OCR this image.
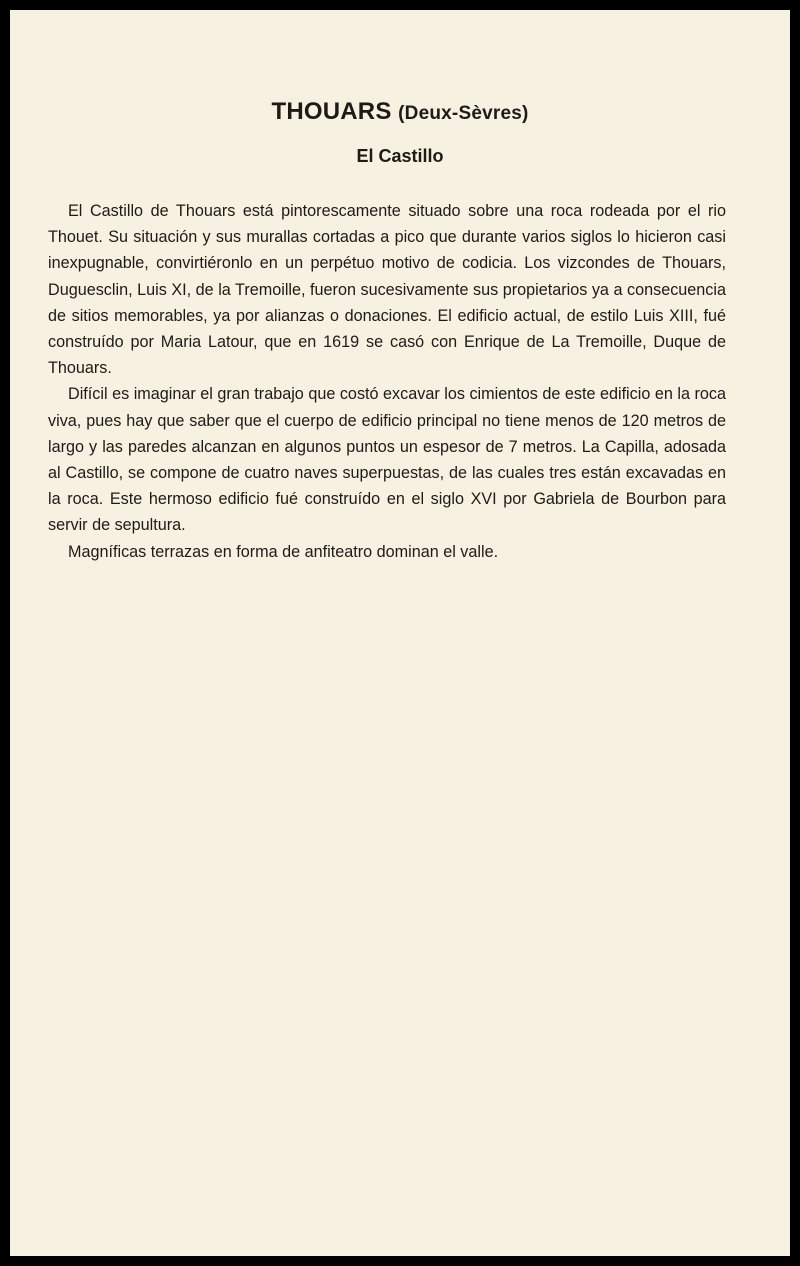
THOUARS (Deux-Sèvres)
El Castillo

El Castillo de Thouars está pintorescamente situado sobre una roca rodeada por el rio Thouet. Su situación y sus murallas cortadas a pico que durante varios siglos lo hicieron casi inexpugnable, convirtiéronlo en un perpétuo motivo de codicia. Los vizcondes de Thouars, Duguesclin, Luis XI, de la Tremoille, fueron sucesivamente sus propietarios ya a consecuencia de sitios memorables, ya por alianzas o donaciones. El edificio actual, de estilo Luis XIII, fué construído por Maria Latour, que en 1619 se casó con Enrique de La Tremoille, Duque de Thouars.

Difícil es imaginar el gran trabajo que costó excavar los cimientos de este edificio en la roca viva, pues hay que saber que el cuerpo de edificio principal no tiene menos de 120 metros de largo y las paredes alcanzan en algunos puntos un espesor de 7 metros. La Capilla, adosada al Castillo, se compone de cuatro naves superpuestas, de las cuales tres están excavadas en la roca. Este hermoso edificio fué construído en el siglo XVI por Gabriela de Bourbon para servir de sepultura.

Magníficas terrazas en forma de anfiteatro dominan el valle.
